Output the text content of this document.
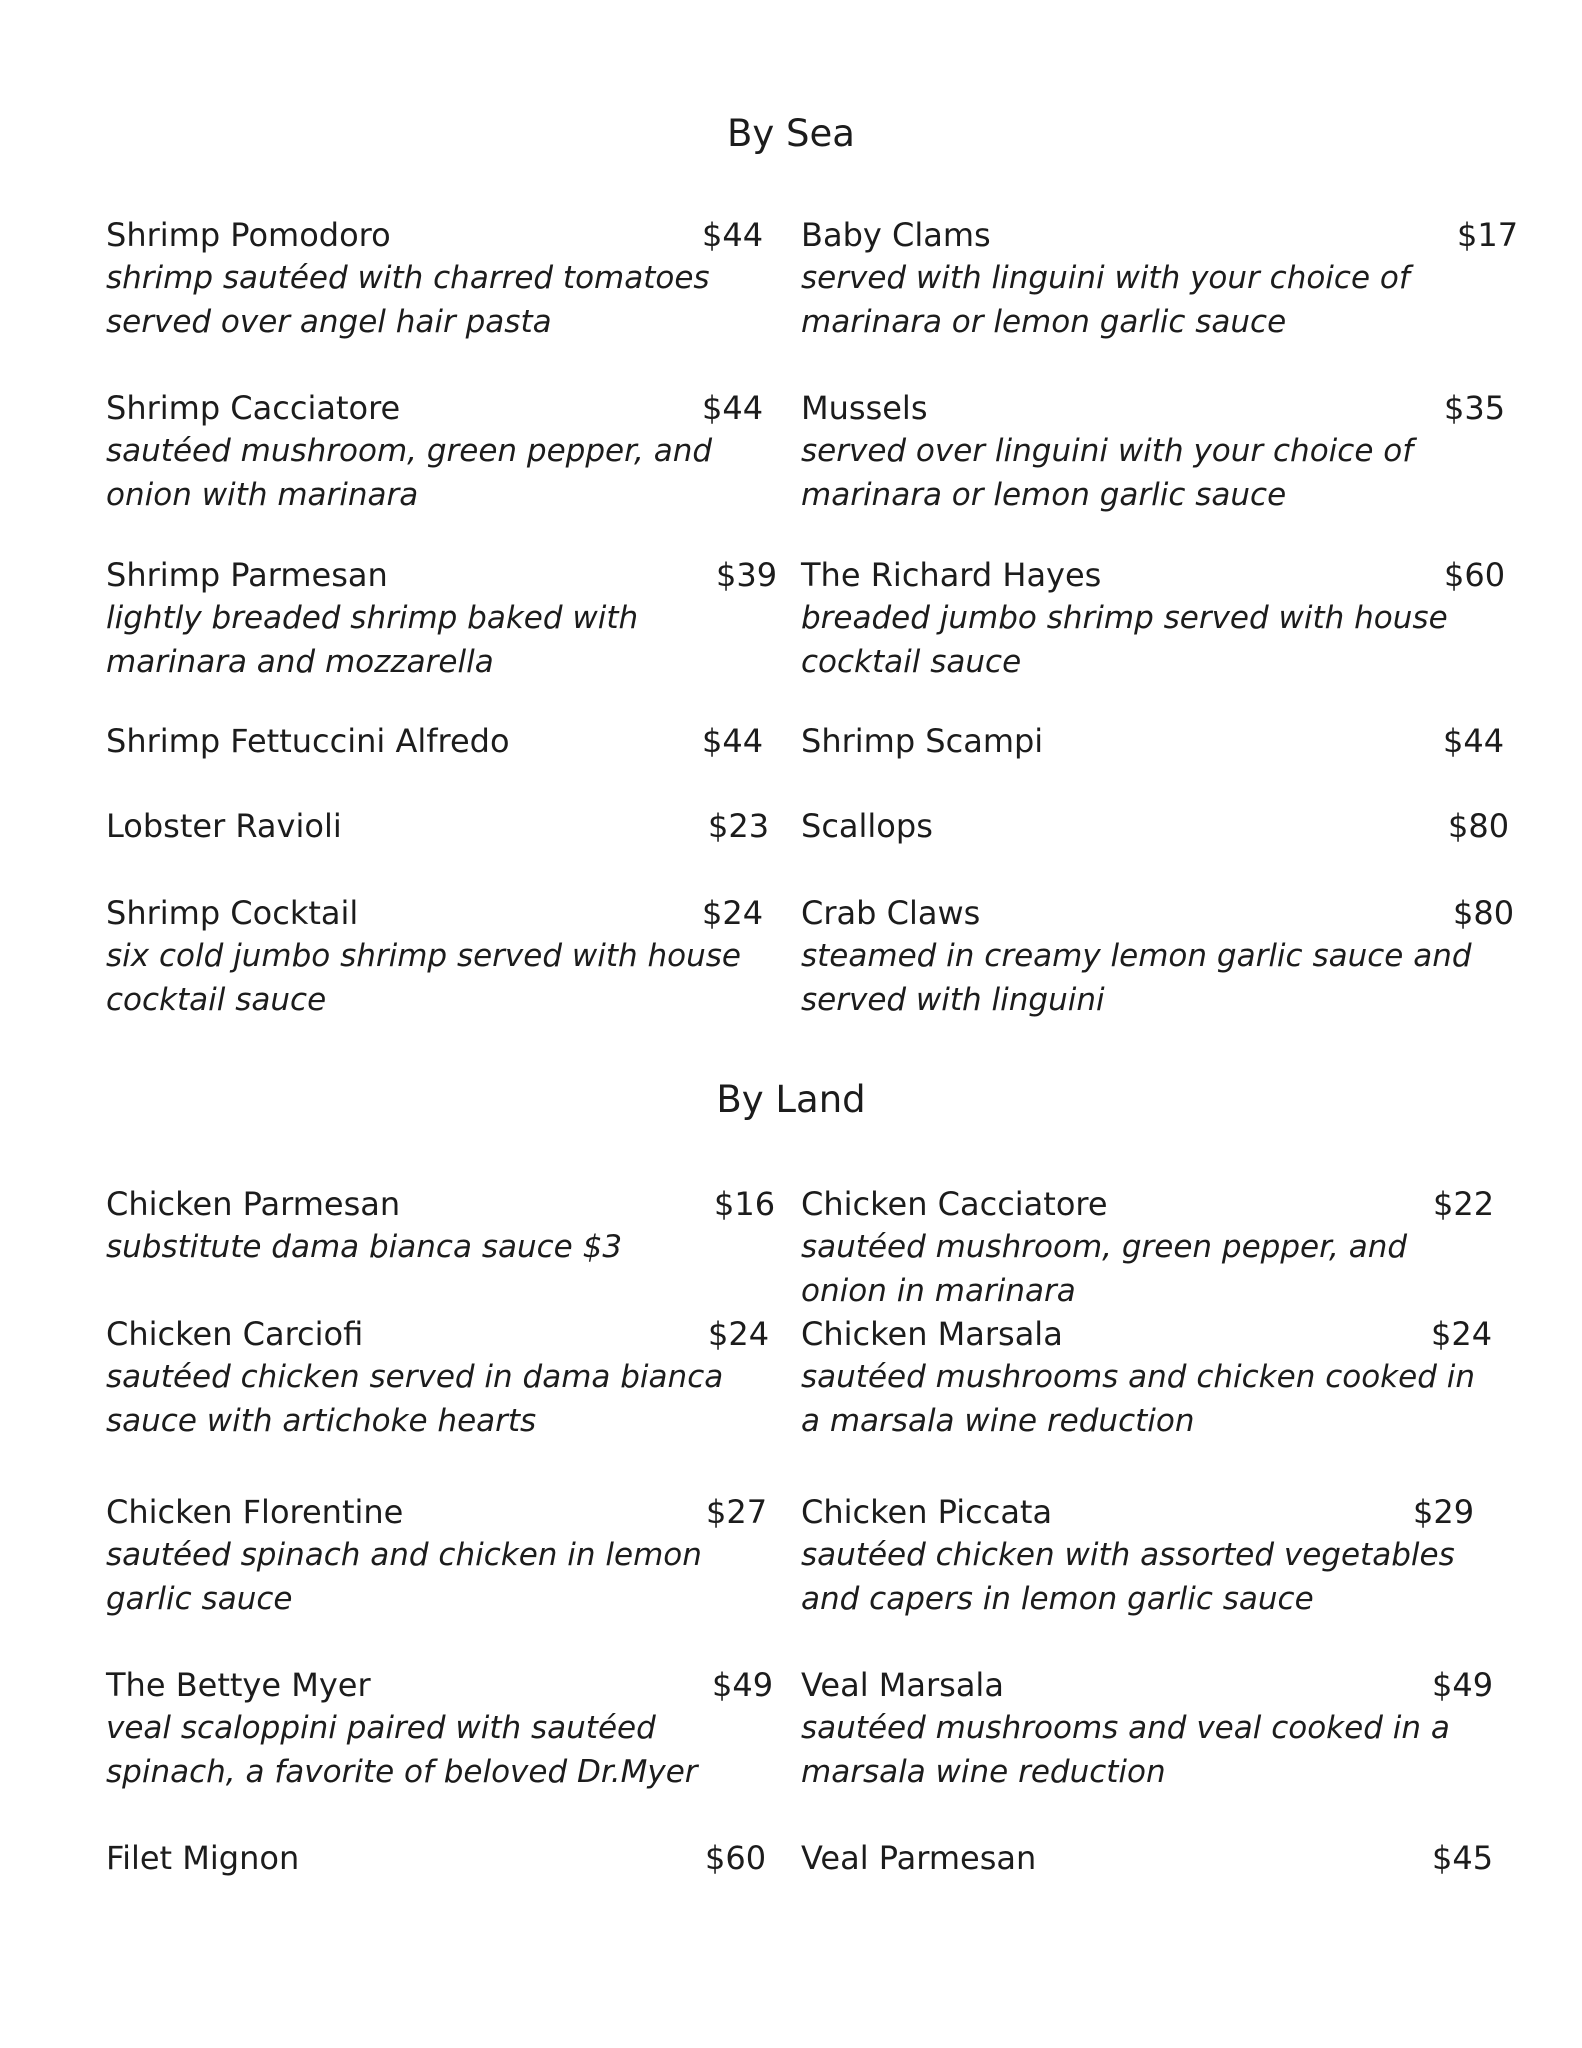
By Sea
Shrimp Pomodoro	$44
shrimp sautéed with charred tomatoes
served over angel hair pasta
Shrimp Cacciatore	$44
sautéed mushroom, green pepper, and
onion with marinara
Shrimp Parmesan	$39
lightly breaded shrimp baked with
marinara and mozzarella
Shrimp Fettuccini Alfredo	$44
Lobster Ravioli	$23
Shrimp Cocktail	$24
six cold jumbo shrimp served with house
cocktail sauce
Baby Clams	$17
served with linguini with your choice of
marinara or lemon garlic sauce
Mussels	$35
served over linguini with your choice of
marinara or lemon garlic sauce
The Richard Hayes	$60
breaded jumbo shrimp served with house
cocktail sauce
Shrimp Scampi	$44
Scallops	$80
Crab Claws	$80
steamed in creamy lemon garlic sauce and
served with linguini
By Land
Chicken Parmesan	$16
substitute dama bianca sauce $3
Chicken Carciofi	$24
sautéed chicken served in dama bianca
sauce with artichoke hearts
Chicken Florentine	$27
sautéed spinach and chicken in lemon
garlic sauce
The Bettye Myer	$49
veal scaloppini paired with sautéed
spinach, a favorite of beloved Dr.Myer
Filet Mignon	$60
Chicken Cacciatore	$22
sautéed mushroom, green pepper, and
onion in marinara
Chicken Marsala	$24
sautéed mushrooms and chicken cooked in
a marsala wine reduction
Chicken Piccata	$29
sautéed chicken with assorted vegetables
and capers in lemon garlic sauce
Veal Marsala	$49
sautéed mushrooms and veal cooked in a
marsala wine reduction
Veal Parmesan	$45
